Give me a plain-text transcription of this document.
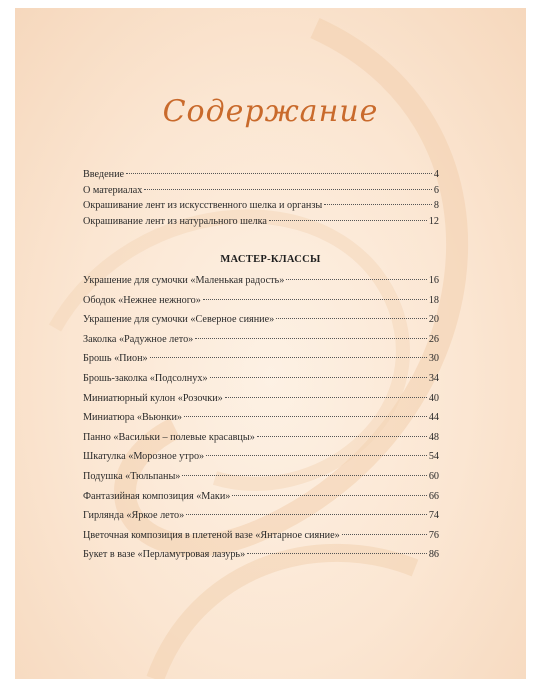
Содержание
Введение	4
О материалах	6
Окрашивание лент из искусственного шелка и органзы	8
Окрашивание лент из натурального шелка	12
МАСТЕР-КЛАССЫ
Украшение для сумочки «Маленькая радость»	16
Ободок «Нежнее нежного»	18
Украшение для сумочки «Северное сияние»	20
Заколка «Радужное лето»	26
Брошь «Пион»	30
Брошь-заколка «Подсолнух»	34
Миниатюрный кулон «Розочки»	40
Миниатюра «Вьюнки»	44
Панно «Васильки – полевые красавцы»	48
Шкатулка «Морозное утро»	54
Подушка «Тюльпаны»	60
Фантазийная композиция «Маки»	66
Гирлянда «Яркое лето»	74
Цветочная композиция в плетеной вазе «Янтарное сияние»	76
Букет в вазе «Перламутровая лазурь»	86
